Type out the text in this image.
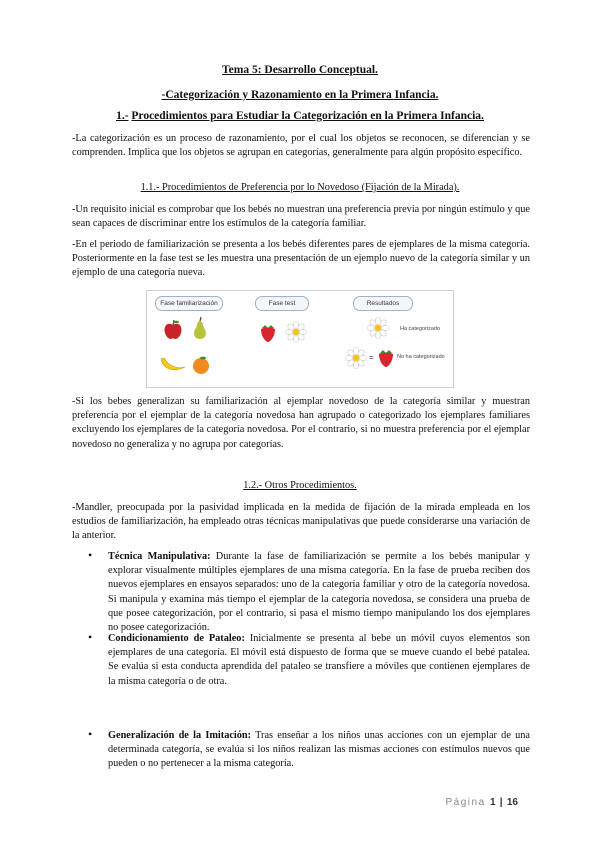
Tema 5: Desarrollo Conceptual.
-Categorización y Razonamiento en la Primera Infancia.
1.- Procedimientos para Estudiar la Categorización en la Primera Infancia.
-La categorización es un proceso de razonamiento, por el cual los objetos se reconocen, se diferencian y se comprenden. Implica que los objetos se agrupan en categorías, generalmente para algún propósito específico.
1.1.- Procedimientos de Preferencia por lo Novedoso (Fijación de la Mirada).
-Un requisito inicial es comprobar que los bebés no muestran una preferencia previa por ningún estímulo y que sean capaces de discriminar entre los estímulos de la categoría familiar.
-En el periodo de familiarización se presenta a los bebés diferentes pares de ejemplares de la misma categoría. Posteriormente en la fase test se les muestra una presentación de un ejemplo nuevo de la categoría similar y un ejemplo de una categoría nueva.
Fase familiarización	Fase test	Resultados
Ha categorizado
=	No ha categorizado
-Si los bebes generalizan su familiarización al ejemplar novedoso de la categoría similar y muestran preferencia por el ejemplar de la categoría novedosa han agrupado o categorizado los ejemplares familiares excluyendo los ejemplares de la categoría novedosa. Por el contrario, si no muestra preferencia por el ejemplar novedoso no generaliza y no agrupa por categorías.
1.2.- Otros Procedimientos.
-Mandler, preocupada por la pasividad implicada en la medida de fijación de la mirada empleada en los estudios de familiarización, ha empleado otras técnicas manipulativas que puede considerarse una variación de la anterior.
• Técnica Manipulativa: Durante la fase de familiarización se permite a los bebés manipular y explorar visualmente múltiples ejemplares de una misma categoría. En la fase de prueba reciben dos nuevos ejemplares en ensayos separados: uno de la categoría familiar y otro de la categoría novedosa. Si manipula y examina más tiempo el ejemplar de la categoría novedosa, se considera una prueba de que posee categorización, por el contrario, si pasa el mismo tiempo manipulando los dos ejemplares no posee categorización.
• Condicionamiento de Pataleo: Inicialmente se presenta al bebe un móvil cuyos elementos son ejemplares de una categoría. El móvil está dispuesto de forma que se mueve cuando el bebé patalea. Se evalúa si esta conducta aprendida del pataleo se transfiere a móviles que contienen ejemplares de la misma categoría o de otra.
• Generalización de la Imitación: Tras enseñar a los niños unas acciones con un ejemplar de una determinada categoría, se evalúa si los niños realizan las mismas acciones con estímulos nuevos que pueden o no pertenecer a la misma categoría.
Página 1 | 16
